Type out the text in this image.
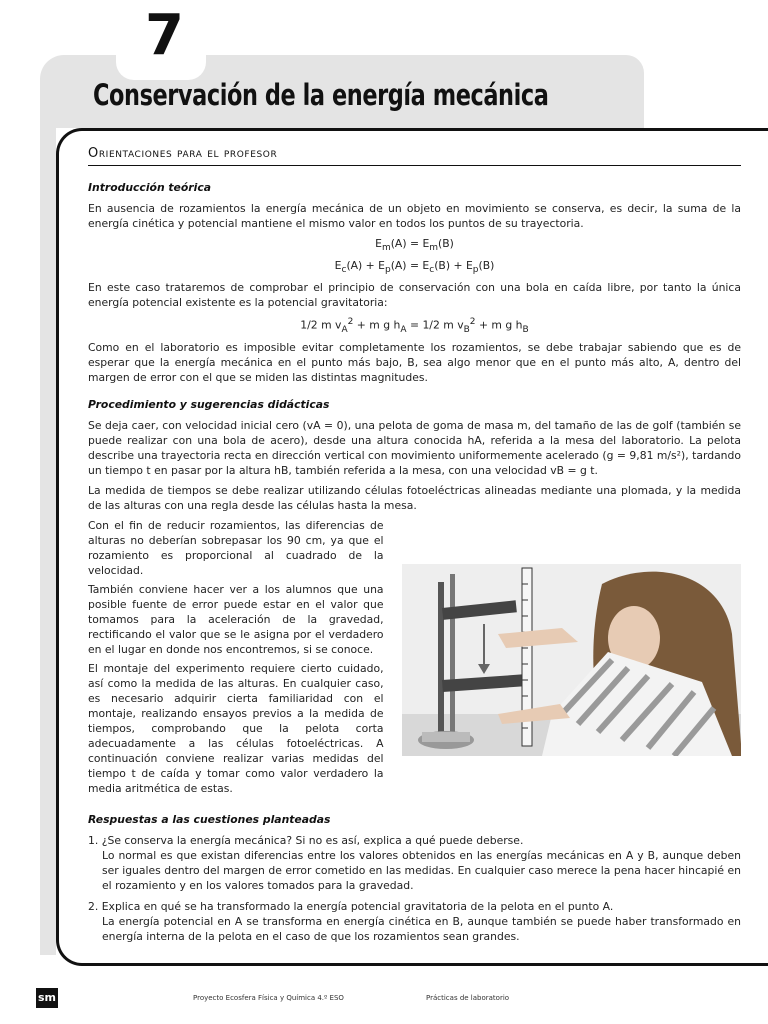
7
Conservación de la energía mecánica
Orientaciones para el profesor
Introducción teórica

En ausencia de rozamientos la energía mecánica de un objeto en movimiento se conserva, es decir, la suma de la energía cinética y potencial mantiene el mismo valor en todos los puntos de su trayectoria.

$E_m(A) = E_m(B)$
$E_c(A) + E_p(A) = E_c(B) + E_p(B)$

En este caso trataremos de comprobar el principio de conservación con una bola en caída libre, por tanto la única energía potencial existente es la potencial gravitatoria:

1/2 m $v_A^2 + m$ g $h_A = 1/2$ m $v_B^2 + m$ g $h_B$

Como en el laboratorio es imposible evitar completamente los rozamientos, se debe trabajar sabiendo que es de esperar que la energía mecánica en el punto más bajo, B, sea algo menor que en el punto más alto, A, dentro del margen de error con el que se miden las distintas magnitudes.

Procedimiento y sugerencias didácticas

Se deja caer, con velocidad inicial cero (vA = 0), una pelota de goma de masa m, del tamaño de las de golf (también se puede realizar con una bola de acero), desde una altura conocida hA, referida a la mesa del laboratorio. La pelota describe una trayectoria recta en dirección vertical con movimiento uniformemente acelerado (g = 9,81 m/s²), tardando un tiempo t en pasar por la altura hB, también referida a la mesa, con una velocidad vB = g t.

La medida de tiempos se debe realizar utilizando células fotoeléctricas alineadas mediante una plomada, y la medida de las alturas con una regla desde las células hasta la mesa.

Con el fin de reducir rozamientos, las diferencias de alturas no deberían sobrepasar los 90 cm, ya que el rozamiento es proporcional al cuadrado de la velocidad.

También conviene hacer ver a los alumnos que una posible fuente de error puede estar en el valor que tomamos para la aceleración de la gravedad, rectificando el valor que se le asigna por el verdadero en el lugar en donde nos encontremos, si se conoce.

El montaje del experimento requiere cierto cuidado, así como la medida de las alturas. En cualquier caso, es necesario adquirir cierta familiaridad con el montaje, realizando ensayos previos a la medida de tiempos, comprobando que la pelota corta adecuadamente a las células fotoeléctricas. A continuación conviene realizar varias medidas del tiempo t de caída y tomar como valor verdadero la media aritmética de estas.

Respuestas a las cuestiones planteadas
1. ¿Se conserva la energía mecánica? Si no es así, explica a qué puede deberse.
Lo normal es que existan diferencias entre los valores obtenidos en las energías mecánicas en A y B, aunque deben ser iguales dentro del margen de error cometido en las medidas. En cualquier caso merece la pena hacer hincapié en el rozamiento y en los valores tomados para la gravedad.
2. Explica en qué se ha transformado la energía potencial gravitatoria de la pelota en el punto A.
La energía potencial en A se transforma en energía cinética en B, aunque también se puede haber transformado en energía interna de la pelota en el caso de que los rozamientos sean grandes.
sm	Proyecto Ecosfera Física y Química 4.º ESO	Prácticas de laboratorio
